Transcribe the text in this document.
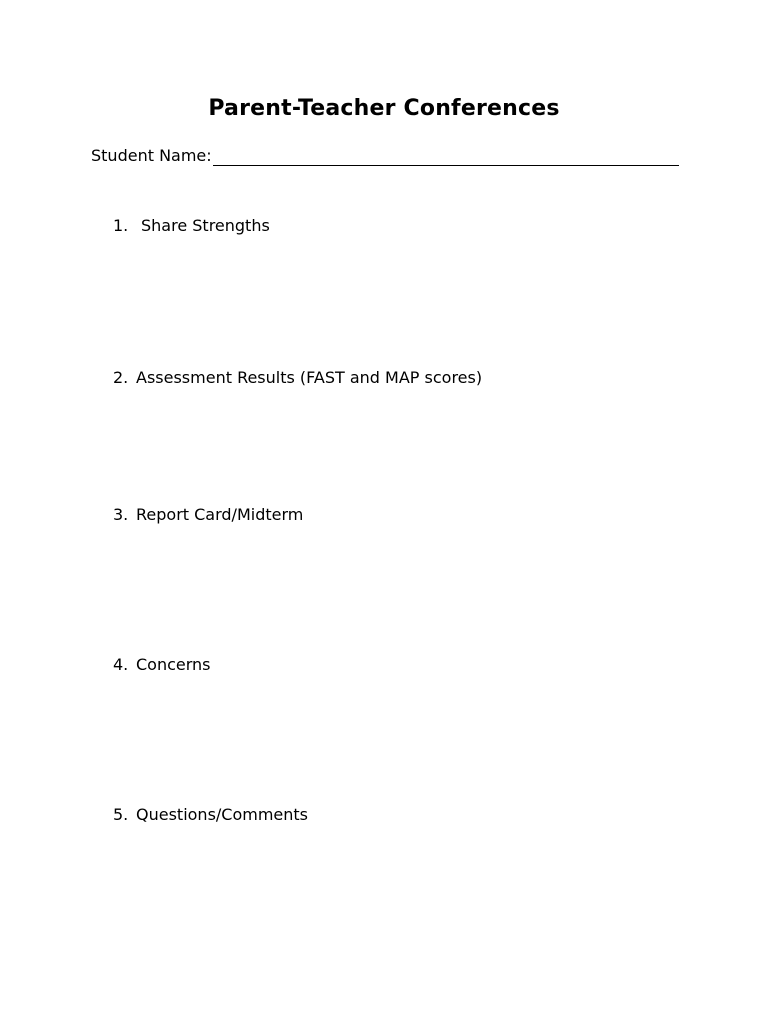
Parent-Teacher Conferences
Student Name:
1. Share Strengths
2. Assessment Results (FAST and MAP scores)
3. Report Card/Midterm
4. Concerns
5. Questions/Comments
